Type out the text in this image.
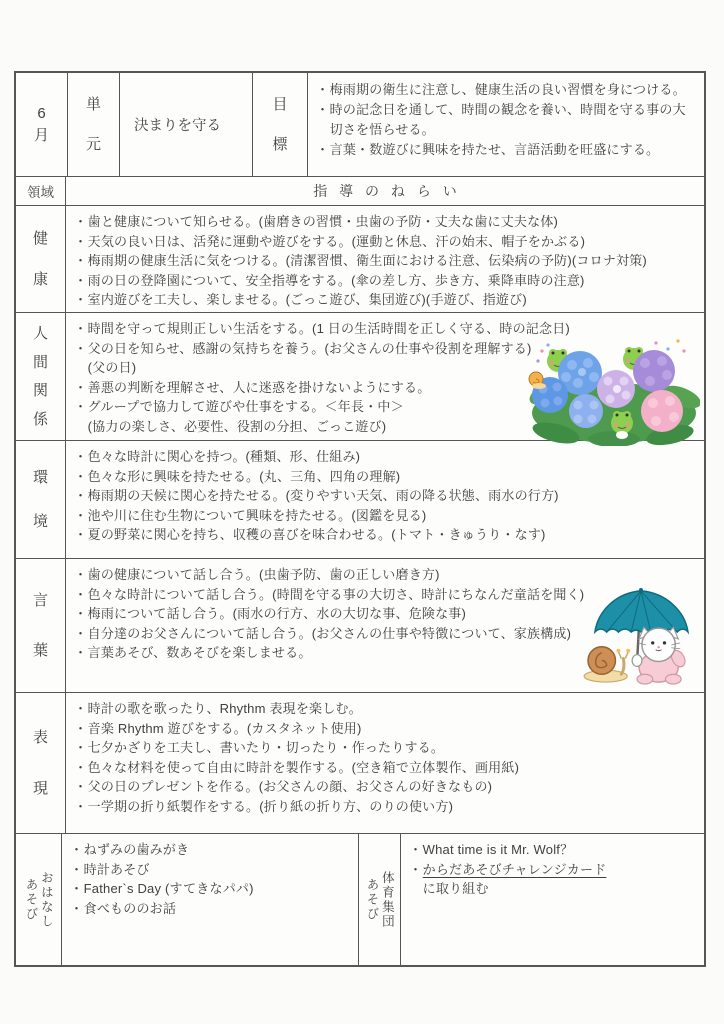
6
月
単
元
決まりを守る
目
標
・ 梅雨期の衛生に注意し、健康生活の良い習慣を身につける。
・ 時の記念日を通して、時間の観念を養い、時間を守る事の大切さを悟らせる。
・ 言葉・数遊びに興味を持たせ、言語活動を旺盛にする。
領域	指導のねらい
健
康
・ 歯と健康について知らせる。(歯磨きの習慣・虫歯の予防・丈夫な歯に丈夫な体)
・ 天気の良い日は、活発に運動や遊びをする。(運動と休息、汗の始末、帽子をかぶる)
・ 梅雨期の健康生活に気をつける。(清潔習慣、衛生面における注意、伝染病の予防)(コロナ対策)
・ 雨の日の登降園について、安全指導をする。(傘の差し方、歩き方、乗降車時の注意)
・ 室内遊びを工夫し、楽しませる。(ごっこ遊び、集団遊び)(手遊び、指遊び)
人
間
関
係
・ 時間を守って規則正しい生活をする。(1 日の生活時間を正しく守る、時の記念日)
・ 父の日を知らせ、感謝の気持ちを養う。(お父さんの仕事や役割を理解する)
(父の日)
・ 善悪の判断を理解させ、人に迷惑を掛けないようにする。
・ グループで協力して遊びや仕事をする。＜年長・中＞
(協力の楽しさ、必要性、役割の分担、ごっこ遊び)
環
境
・ 色々な時計に関心を持つ。(種類、形、仕組み)
・ 色々な形に興味を持たせる。(丸、三角、四角の理解)
・ 梅雨期の天候に関心を持たせる。(変りやすい天気、雨の降る状態、雨水の行方)
・ 池や川に住む生物について興味を持たせる。(図鑑を見る)
・ 夏の野菜に関心を持ち、収穫の喜びを味合わせる。(トマト・きゅうり・なす)
言
葉
・ 歯の健康について話し合う。(虫歯予防、歯の正しい磨き方)
・ 色々な時計について話し合う。(時間を守る事の大切さ、時計にちなんだ童話を聞く)
・ 梅雨について話し合う。(雨水の行方、水の大切な事、危険な事)
・ 自分達のお父さんについて話し合う。(お父さんの仕事や特徴について、家族構成)
・ 言葉あそび、数あそびを楽しませる。
表
現
・ 時計の歌を歌ったり、Rhythm 表現を楽しむ。
・ 音楽 Rhythm 遊びをする。(カスタネット使用)
・ 七夕かざりを工夫し、書いたり・切ったり・作ったりする。
・ 色々な材料を使って自由に時計を製作する。(空き箱で立体製作、画用紙)
・ 父の日のプレゼントを作る。(お父さんの顔、お父さんの好きなもの)
・ 一学期の折り紙製作をする。(折り紙の折り方、のりの使い方)
おはなし
あそび
・ ねずみの歯みがき
・ 時計あそび
・ Father`s Day (すてきなパパ)
・ 食べもののお話	体育集団
あそび
・ What time is it Mr. Wolf？
・ からだあそびチャレンジカード
に取り組む
